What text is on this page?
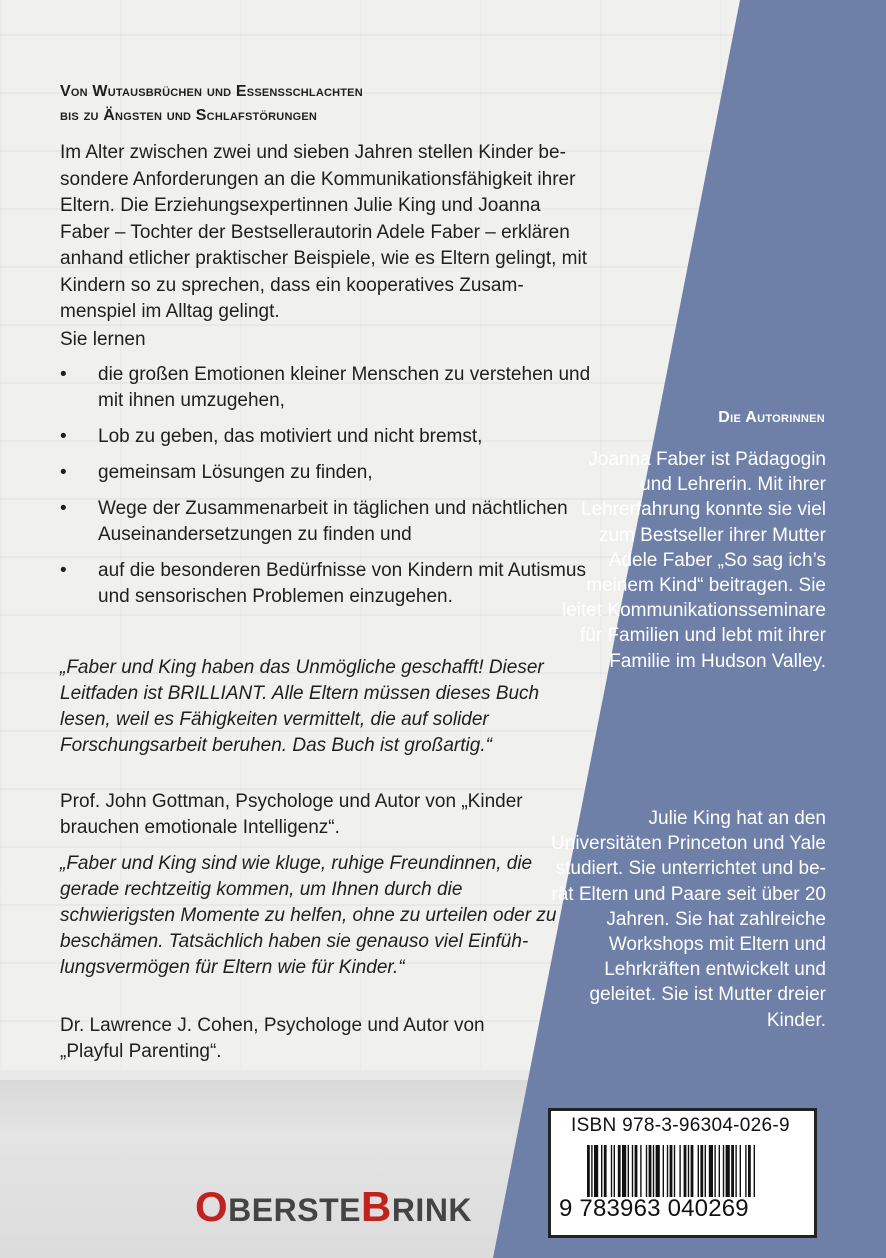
Von Wutausbrüchen und Essensschlachten
bis zu Ängsten und Schlafstörungen
Im Alter zwischen zwei und sieben Jahren stellen Kinder besondere Anforderungen an die Kommunikationsfähigkeit ihrer Eltern. Die Erziehungsexpertinnen Julie King und Joanna Faber – Tochter der Bestsellerautorin Adele Faber – erklären anhand etlicher praktischer Beispiele, wie es Eltern gelingt, mit Kindern so zu sprechen, dass ein kooperatives Zusammenspiel im Alltag gelingt.
Sie lernen
• die großen Emotionen kleiner Menschen zu verstehen und mit ihnen umzugehen,
• Lob zu geben, das motiviert und nicht bremst,
• gemeinsam Lösungen zu finden,
• Wege der Zusammenarbeit in täglichen und nächtlichen Auseinandersetzungen zu finden und
• auf die besonderen Bedürfnisse von Kindern mit Autismus und sensorischen Problemen einzugehen.
„Faber und King haben das Unmögliche geschafft! Dieser Leitfaden ist BRILLIANT. Alle Eltern müssen dieses Buch lesen, weil es Fähigkeiten vermittelt, die auf solider Forschungsarbeit beruhen. Das Buch ist großartig.“
Prof. John Gottman, Psychologe und Autor von „Kinder brauchen emotionale Intelligenz“.
„Faber und King sind wie kluge, ruhige Freundinnen, die gerade rechtzeitig kommen, um Ihnen durch die schwierigsten Momente zu helfen, ohne zu urteilen oder zu beschämen. Tatsächlich haben sie genauso viel Einfühlungsvermögen für Eltern wie für Kinder.“
Dr. Lawrence J. Cohen, Psychologe und Autor von „Playful Parenting“.
Die Autorinnen
Joanna Faber ist Pädagogin und Lehrerin. Mit ihrer Lehrerfahrung konnte sie viel zum Bestseller ihrer Mutter Adele Faber „So sag ich’s meinem Kind“ beitragen. Sie leitet Kommunikationsseminare für Familien und lebt mit ihrer Familie im Hudson Valley.
Julie King hat an den Universitäten Princeton und Yale studiert. Sie unterrichtet und berät Eltern und Paare seit über 20 Jahren. Sie hat zahlreiche Workshops mit Eltern und Lehrkräften entwickelt und geleitet. Sie ist Mutter dreier Kinder.
ISBN 978-3-96304-026-9
9 783963 040269
OBERSTEBRINK
